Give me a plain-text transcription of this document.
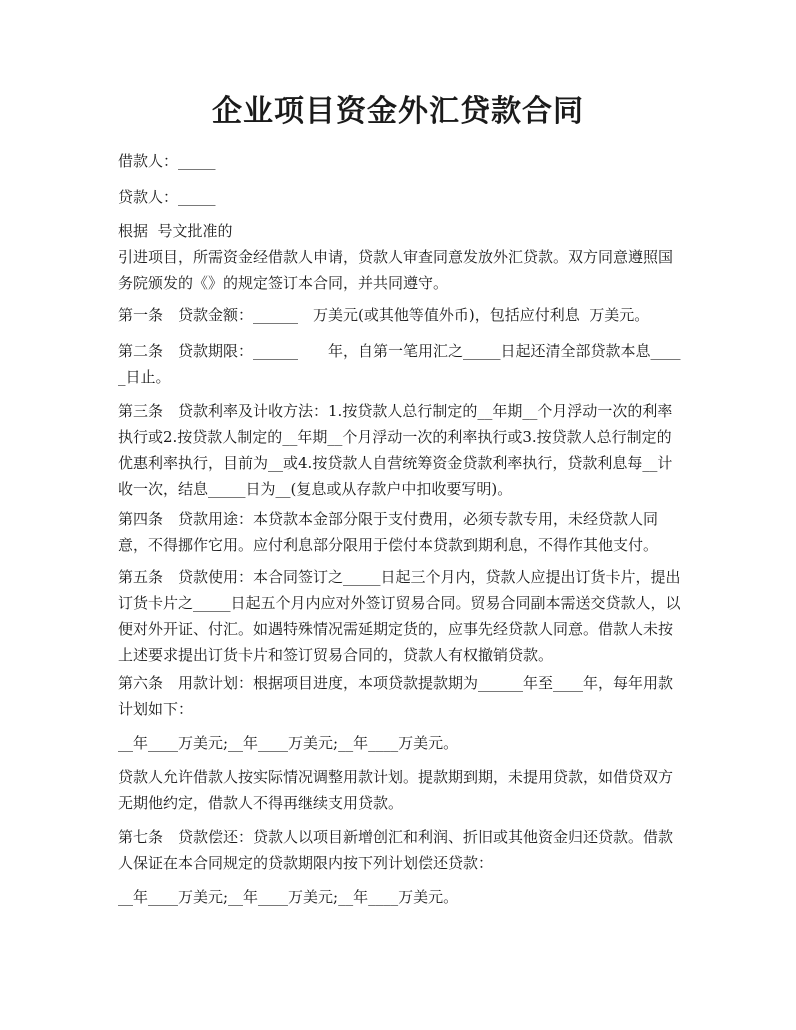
企业项目资金外汇贷款合同

借款人：_____

贷款人：_____

根据  号文批准的
引进项目，所需资金经借款人申请，贷款人审查同意发放外汇贷款。双方同意遵照国务院颁发的《》的规定签订本合同，并共同遵守。

第一条　贷款金额：______　万美元(或其他等值外币)，包括应付利息  万美元。

第二条　贷款期限：______　　年，自第一笔用汇之_____日起还清全部贷款本息_____日止。

第三条　贷款利率及计收方法：1.按贷款人总行制定的__年期__个月浮动一次的利率执行或2.按贷款人制定的__年期__个月浮动一次的利率执行或3.按贷款人总行制定的优惠利率执行，目前为__或4.按贷款人自营统筹资金贷款利率执行，贷款利息每__计收一次，结息_____日为__(复息或从存款户中扣收要写明)。

第四条　贷款用途：本贷款本金部分限于支付费用，必须专款专用，未经贷款人同意，不得挪作它用。应付利息部分限用于偿付本贷款到期利息，不得作其他支付。

第五条　贷款使用：本合同签订之_____日起三个月内，贷款人应提出订货卡片，提出订货卡片之_____日起五个月内应对外签订贸易合同。贸易合同副本需送交贷款人，以便对外开证、付汇。如遇特殊情况需延期定货的，应事先经贷款人同意。借款人未按上述要求提出订货卡片和签订贸易合同的，贷款人有权撤销贷款。

第六条　用款计划：根据项目进度，本项贷款提款期为______年至____年，每年用款计划如下：

__年____万美元;__年____万美元;__年____万美元。

贷款人允许借款人按实际情况调整用款计划。提款期到期，未提用贷款，如借贷双方无期他约定，借款人不得再继续支用贷款。

第七条　贷款偿还：贷款人以项目新增创汇和利润、折旧或其他资金归还贷款。借款人保证在本合同规定的贷款期限内按下列计划偿还贷款：

__年____万美元;__年____万美元;__年____万美元。
